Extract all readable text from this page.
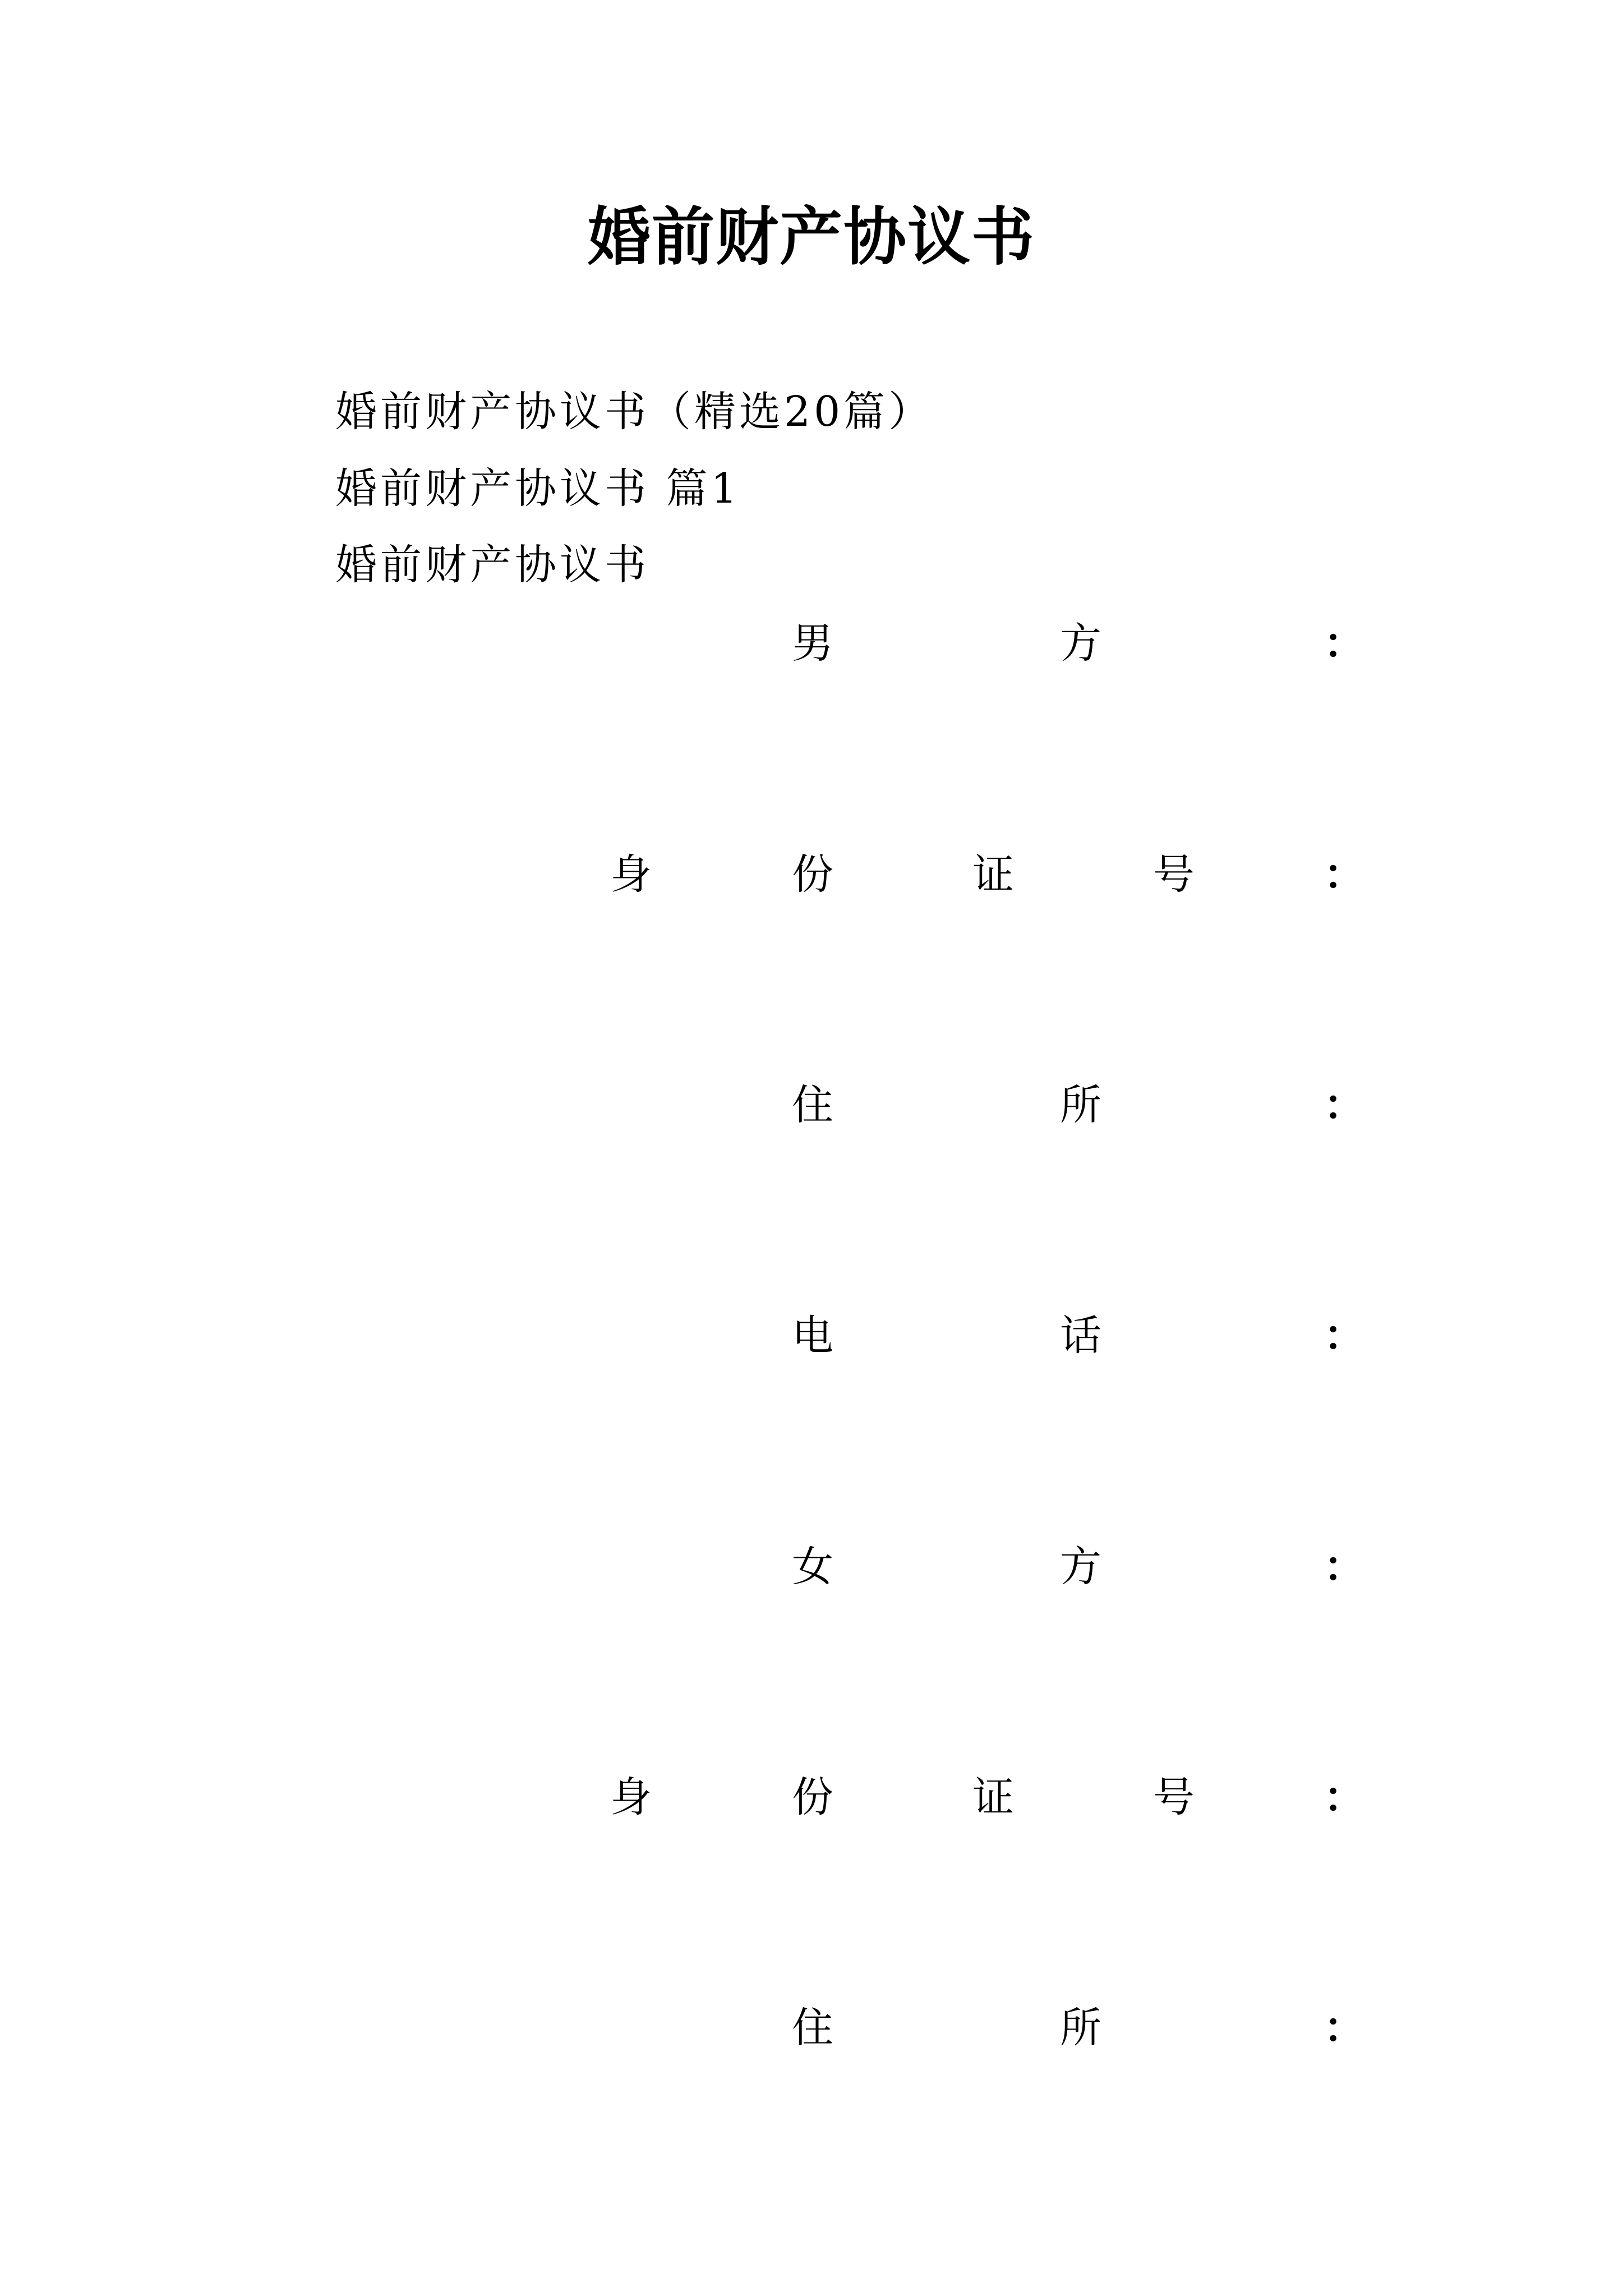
婚前财产协议书
婚前财产协议书（精选20篇）
婚前财产协议书 篇1
婚前财产协议书
男	方	：
身	份	证	号	：
住	所	：
电	话	：
女	方	：
身	份	证	号	：
住	所	：
